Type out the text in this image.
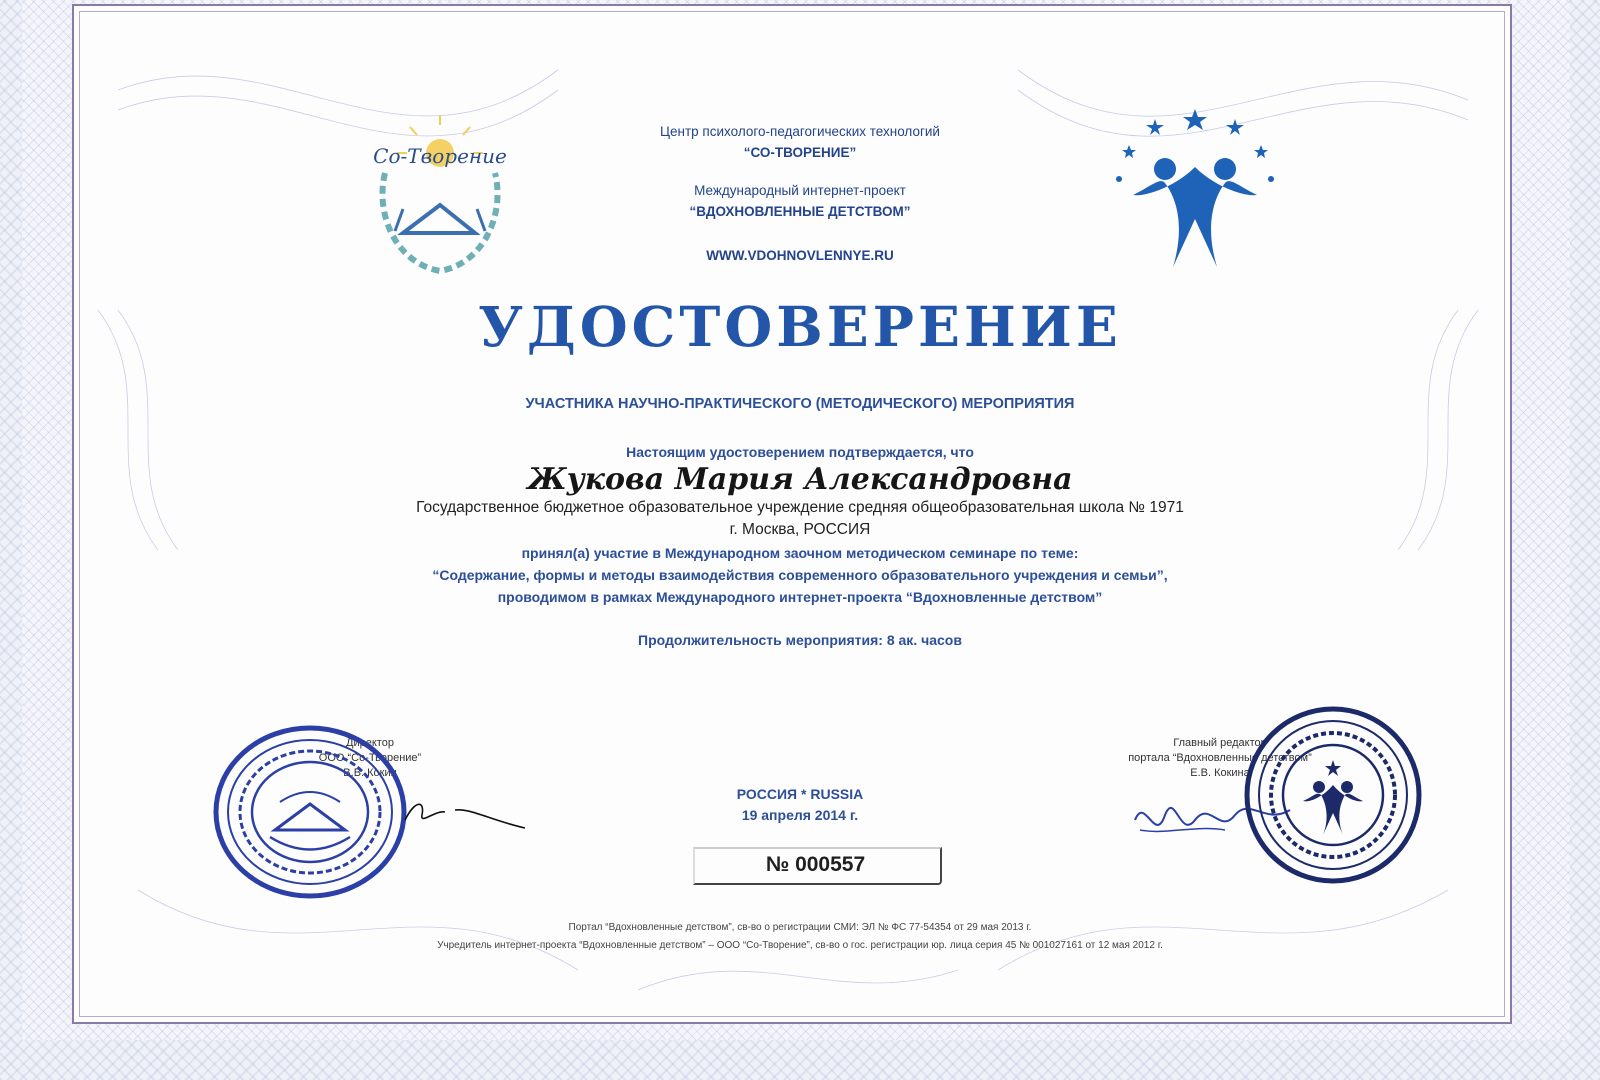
Со-Творение
Центр психолого-педагогических технологий
“СО-ТВОРЕНИЕ”
Международный интернет-проект
“ВДОХНОВЛЕННЫЕ ДЕТСТВОМ”
WWW.VDOHNOVLENNYE.RU
УДОСТОВЕРЕНИЕ
УЧАСТНИКА НАУЧНО-ПРАКТИЧЕСКОГО (МЕТОДИЧЕСКОГО) МЕРОПРИЯТИЯ
Настоящим удостоверением подтверждается, что
Жукова Мария Александровна
Государственное бюджетное образовательное учреждение средняя общеобразовательная школа № 1971
г. Москва, РОССИЯ
принял(а) участие в Международном заочном методическом семинаре по теме:
“Содержание, формы и методы взаимодействия современного образовательного учреждения и семьи”,
проводимом в рамках Международного интернет-проекта “Вдохновленные детством”
Продолжительность мероприятия: 8 ак. часов
РОССИЯ * RUSSIA
19 апреля 2014 г.
№ 000557
Директор
ООО “Со-Творение”
В.В. Кокин
Главный редактор
портала “Вдохновленные детством”
Е.В. Кокина
Портал “Вдохновленные детством”, св-во о регистрации СМИ: ЭЛ № ФС 77-54354 от 29 мая 2013 г.
Учредитель интернет-проекта “Вдохновленные детством” – ООО “Со-Творение”, св-во о гос. регистрации юр. лица серия 45 № 001027161 от 12 мая 2012 г.
